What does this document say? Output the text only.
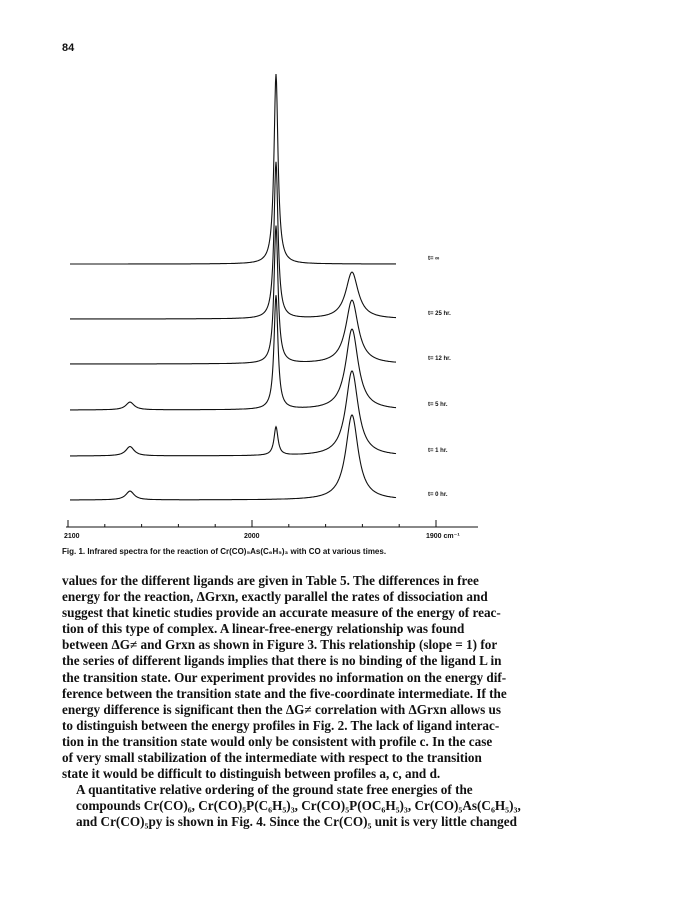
84
t= ∞
t= 25 hr.
t= 12 hr.
t= 5 hr.
t= 1 hr.
t= 0 hr.
2100	2000	1900 cm⁻¹
Fig. 1. Infrared spectra for the reaction of Cr(CO)₅As(C₆H₅)₃ with CO at various times.

values for the different ligands are given in Table 5. The differences in free
energy for the reaction, ΔGrxn, exactly parallel the rates of dissociation and
suggest that kinetic studies provide an accurate measure of the energy of reac-
tion of this type of complex. A linear-free-energy relationship was found
between ΔG≠ and Grxn as shown in Figure 3. This relationship (slope = 1) for
the series of different ligands implies that there is no binding of the ligand L in
the transition state. Our experiment provides no information on the energy dif-
ference between the transition state and the five-coordinate intermediate. If the
energy difference is significant then the ΔG≠ correlation with ΔGrxn allows us
to distinguish between the energy profiles in Fig. 2. The lack of ligand interac-
tion in the transition state would only be consistent with profile c. In the case
of very small stabilization of the intermediate with respect to the transition
state it would be difficult to distinguish between profiles a, c, and d.

A quantitative relative ordering of the ground state free energies of the
compounds Cr(CO)₆, Cr(CO)₅P(C₆H₅)₃, Cr(CO)₅P(OC₆H₅)₃, Cr(CO)₅As(C₆H₅)₃,
and Cr(CO)₅py is shown in Fig. 4. Since the Cr(CO)₅ unit is very little changed
